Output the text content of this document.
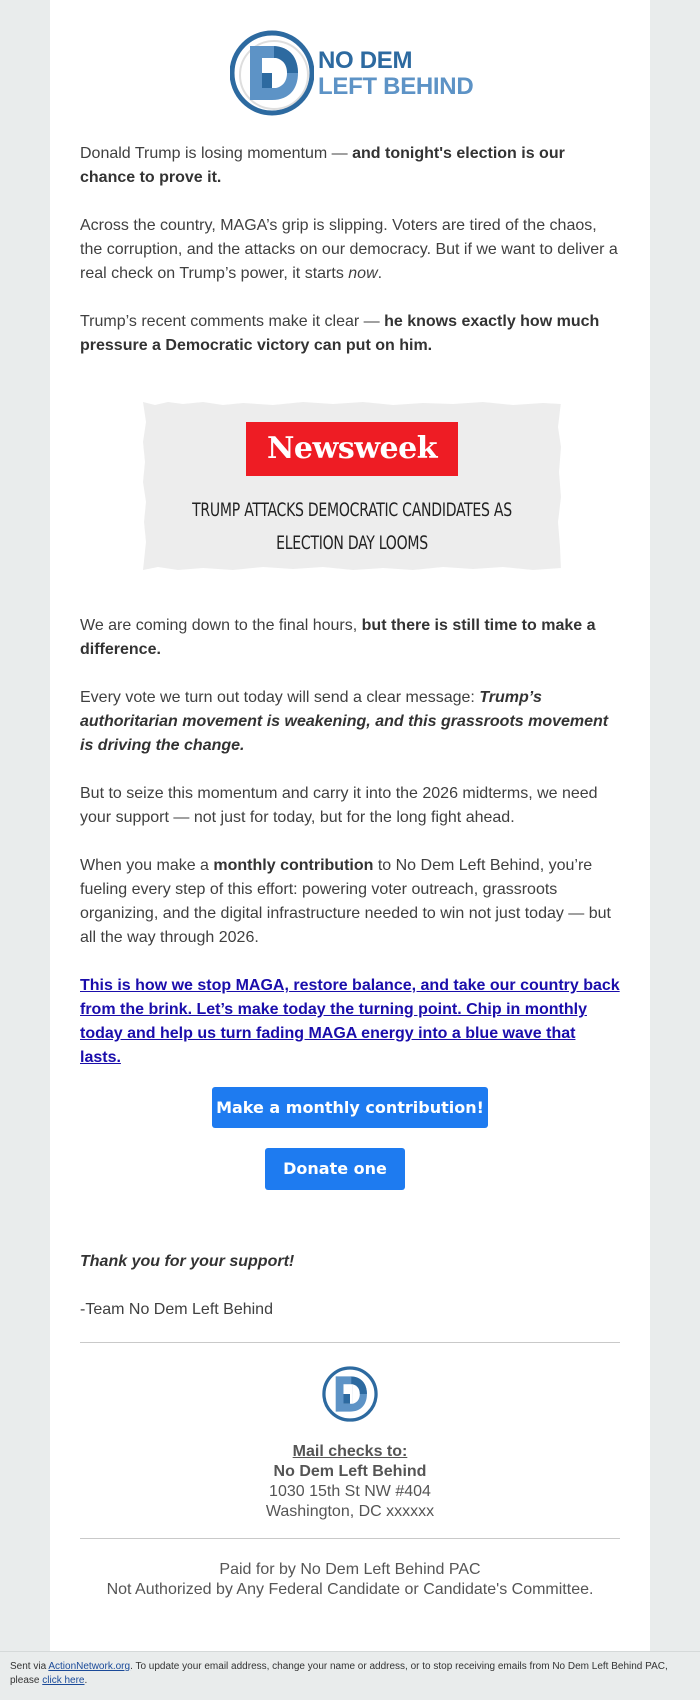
NO DEM
LEFT BEHIND

Donald Trump is losing momentum — and tonight's election is our chance to prove it.

Across the country, MAGA’s grip is slipping. Voters are tired of the chaos, the corruption, and the attacks on our democracy. But if we want to deliver a real check on Trump’s power, it starts now.

Trump’s recent comments make it clear — he knows exactly how much pressure a Democratic victory can put on him.

Newsweek
TRUMP ATTACKS DEMOCRATIC CANDIDATES AS
ELECTION DAY LOOMS

We are coming down to the final hours, but there is still time to make a difference.

Every vote we turn out today will send a clear message: Trump’s authoritarian movement is weakening, and this grassroots movement is driving the change.

But to seize this momentum and carry it into the 2026 midterms, we need your support — not just for today, but for the long fight ahead.

When you make a monthly contribution to No Dem Left Behind, you’re fueling every step of this effort: powering voter outreach, grassroots organizing, and the digital infrastructure needed to win not just today — but all the way through 2026.

This is how we stop MAGA, restore balance, and take our country back from the brink. Let’s make today the turning point. Chip in monthly today and help us turn fading MAGA energy into a blue wave that lasts.
Make a monthly contribution!
Donate one time

Thank you for your support!

-Team No Dem Left Behind

Mail checks to:
No Dem Left Behind
1030 15th St NW #404
Washington, DC xxxxxx
Paid for by No Dem Left Behind PAC
Not Authorized by Any Federal Candidate or Candidate's Committee.
Sent via ActionNetwork.org. To update your email address, change your name or address, or to stop receiving emails from No Dem Left Behind PAC, please click here.
